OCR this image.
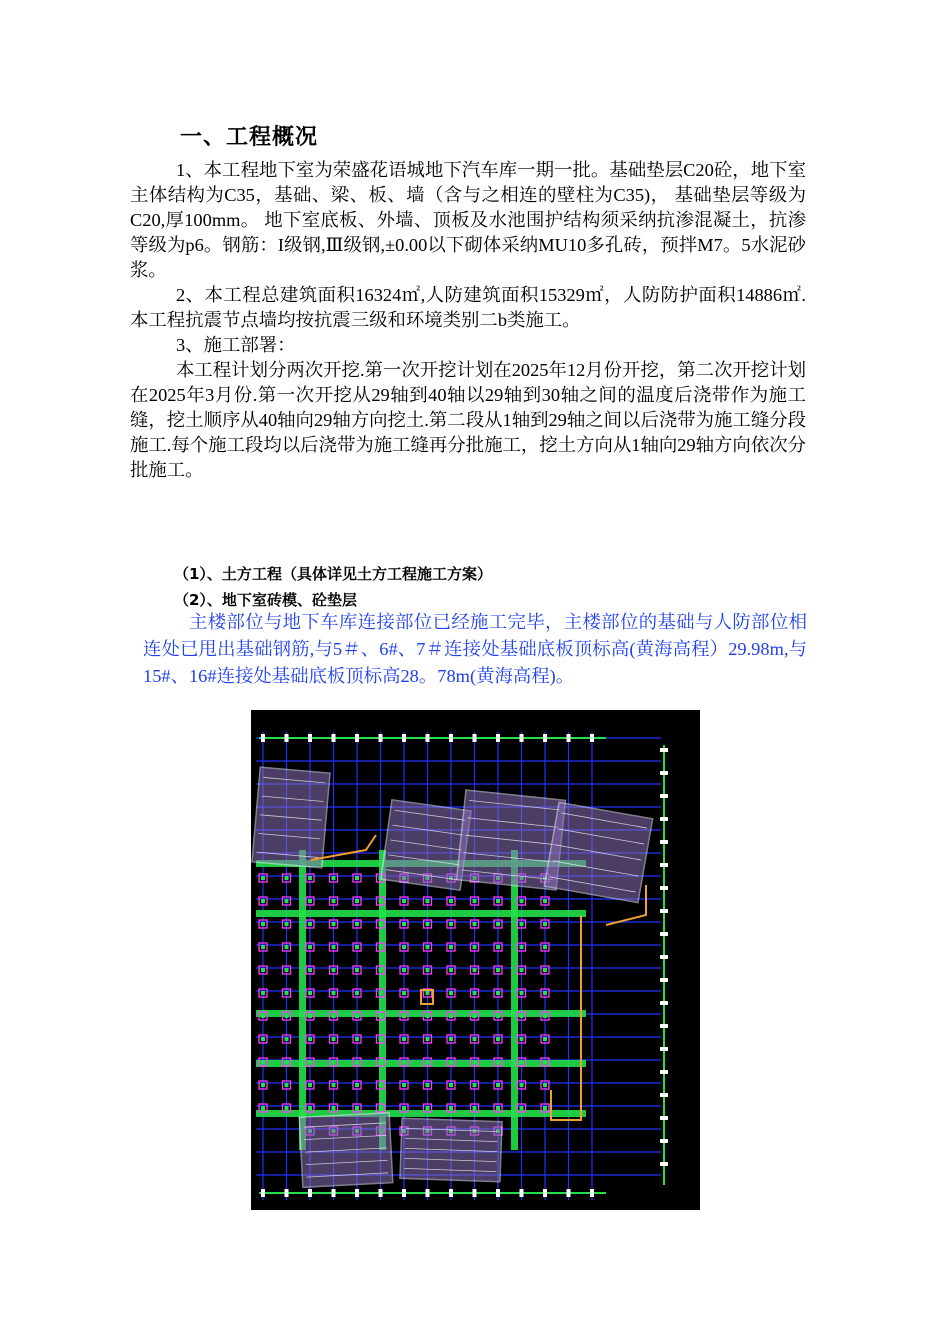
一、工程概况

1、本工程地下室为荣盛花语城地下汽车库一期一批。基础垫层C20砼，地下室主体结构为C35，基础、梁、板、墙（含与之相连的壁柱为C35)， 基础垫层等级为C20,厚100mm。 地下室底板、外墙、顶板及水池围护结构须采纳抗渗混凝土，抗渗等级为p6。钢筋：I级钢,Ⅲ级钢,±0.00以下砌体采纳MU10多孔砖，预拌M7。5水泥砂浆。

2、本工程总建筑面积16324㎡,人防建筑面积15329㎡，人防防护面积14886㎡.本工程抗震节点墙均按抗震三级和环境类别二b类施工。

3、施工部署：

本工程计划分两次开挖.第一次开挖计划在2025年12月份开挖，第二次开挖计划在2025年3月份.第一次开挖从29轴到40轴以29轴到30轴之间的温度后浇带作为施工缝，挖土顺序从40轴向29轴方向挖土.第二段从1轴到29轴之间以后浇带为施工缝分段施工.每个施工段均以后浇带为施工缝再分批施工，挖土方向从1轴向29轴方向依次分批施工。

（1）、土方工程（具体详见土方工程施工方案）
（2）、地下室砖模、砼垫层

主楼部位与地下车库连接部位已经施工完毕，主楼部位的基础与人防部位相连处已甩出基础钢筋,与5＃、6#、7＃连接处基础底板顶标高(黄海高程）29.98m,与15#、16#连接处基础底板顶标高28。78m(黄海高程)。
